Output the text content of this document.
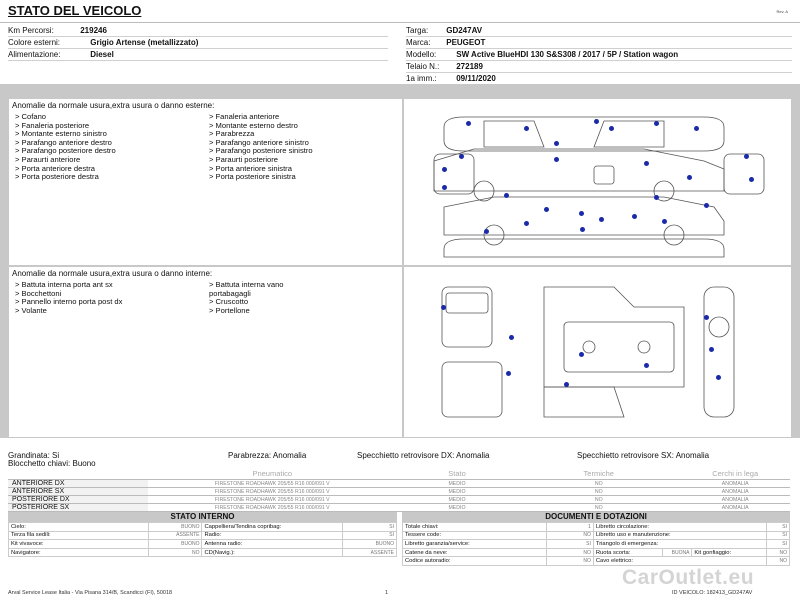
STATO DEL VEICOLO	Rev. A
Km Percorsi:	219246
Colore esterni:	Grigio Artense (metallizzato)
Alimentazione:	Diesel
Targa: GD247AV
Marca: PEUGEOT
Modello: SW Active BlueHDI 130 S&S308 / 2017 / 5P / Station wagon
Telaio N.: 272189
1a imm.: 09/11/2020
Anomalie da normale usura,extra usura o danno esterne:
> Cofano
> Fanaleria posteriore
> Montante esterno sinistro
> Parafango anteriore destro
> Parafango posteriore destro
> Paraurti anteriore
> Porta anteriore destra
> Porta posteriore destra
> Fanaleria anteriore
> Montante esterno destro
> Parabrezza
> Parafango anteriore sinistro
> Parafango posteriore sinistro
> Paraurti posteriore
> Porta anteriore sinistra
> Porta posteriore sinistra
Anomalie da normale usura,extra usura o danno interne:
> Battuta interna porta ant sx
> Bocchettoni
> Pannello interno porta post dx
> Volante
> Battuta interna vano
portabagagli
> Cruscotto
> Portellone
Grandinata: Si	Parabrezza: Anomalia	Specchietto retrovisore DX: Anomalia	Specchietto retrovisore SX: Anomalia
Blocchetto chiavi: Buono
	Pneumatico	Stato	Termiche	Cerchi in lega
ANTERIORE DX	FIRESTONE ROADHAWK 205/55 R16 000/091 V	MEDIO	NO	ANOMALIA
ANTERIORE SX	FIRESTONE ROADHAWK 205/55 R16 000/091 V	MEDIO	NO	ANOMALIA
POSTERIORE DX	FIRESTONE ROADHAWK 205/55 R16 000/091 V	MEDIO	NO	ANOMALIA
POSTERIORE SX	FIRESTONE ROADHAWK 205/55 R16 000/091 V	MEDIO	NO	ANOMALIA
STATO INTERNO
Cielo:	BUONO	Cappelliera/Tendina copribag:	SI
Terza fila sedili:	ASSENTE	Radio:	SI
Kit vivavoce:	BUONO	Antenna radio:	BUONO
Navigatore:	NO	CD(Navig.):	ASSENTE
DOCUMENTI E DOTAZIONI
Totale chiavi:	1	Libretto circolazione:			SI
Tessere code:	NO	Libretto uso e manutenzione:			SI
Libretto garanzia/service:	SI	Triangolo di emergenza:			SI
Catene da neve:	NO	Ruota scorta:	BUONA	Kit gonfiaggio:	NO
Codice autoradio:	NO	Cavo elettrico:			NO
Arval Service Lease Italia - Via Pisana 314/B, Scandicci (FI), 50018	1	ID VEICOLO: 182413_GD247AV
CarOutlet.eu
